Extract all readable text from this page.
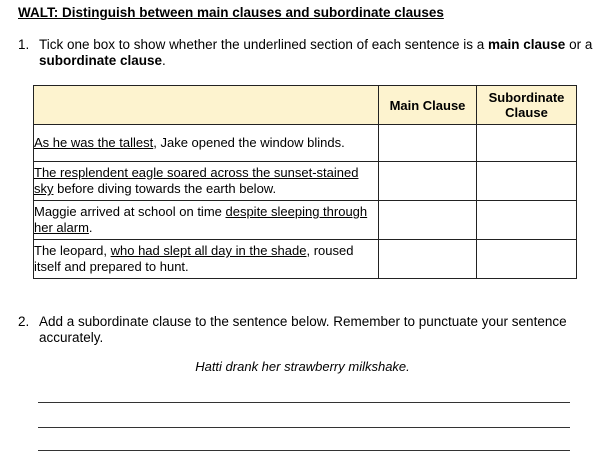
WALT: Distinguish between main clauses and subordinate clauses
1. Tick one box to show whether the underlined section of each sentence is a main clause or a subordinate clause.
	Main Clause	Subordinate Clause

As he was the tallest, Jake opened the window blinds.		
The resplendent eagle soared across the sunset-stained sky before diving towards the earth below.		
Maggie arrived at school on time despite sleeping through her alarm.		
The leopard, who had slept all day in the shade, roused itself and prepared to hunt.		
2. Add a subordinate clause to the sentence below. Remember to punctuate your sentence accurately.
Hatti drank her strawberry milkshake.
